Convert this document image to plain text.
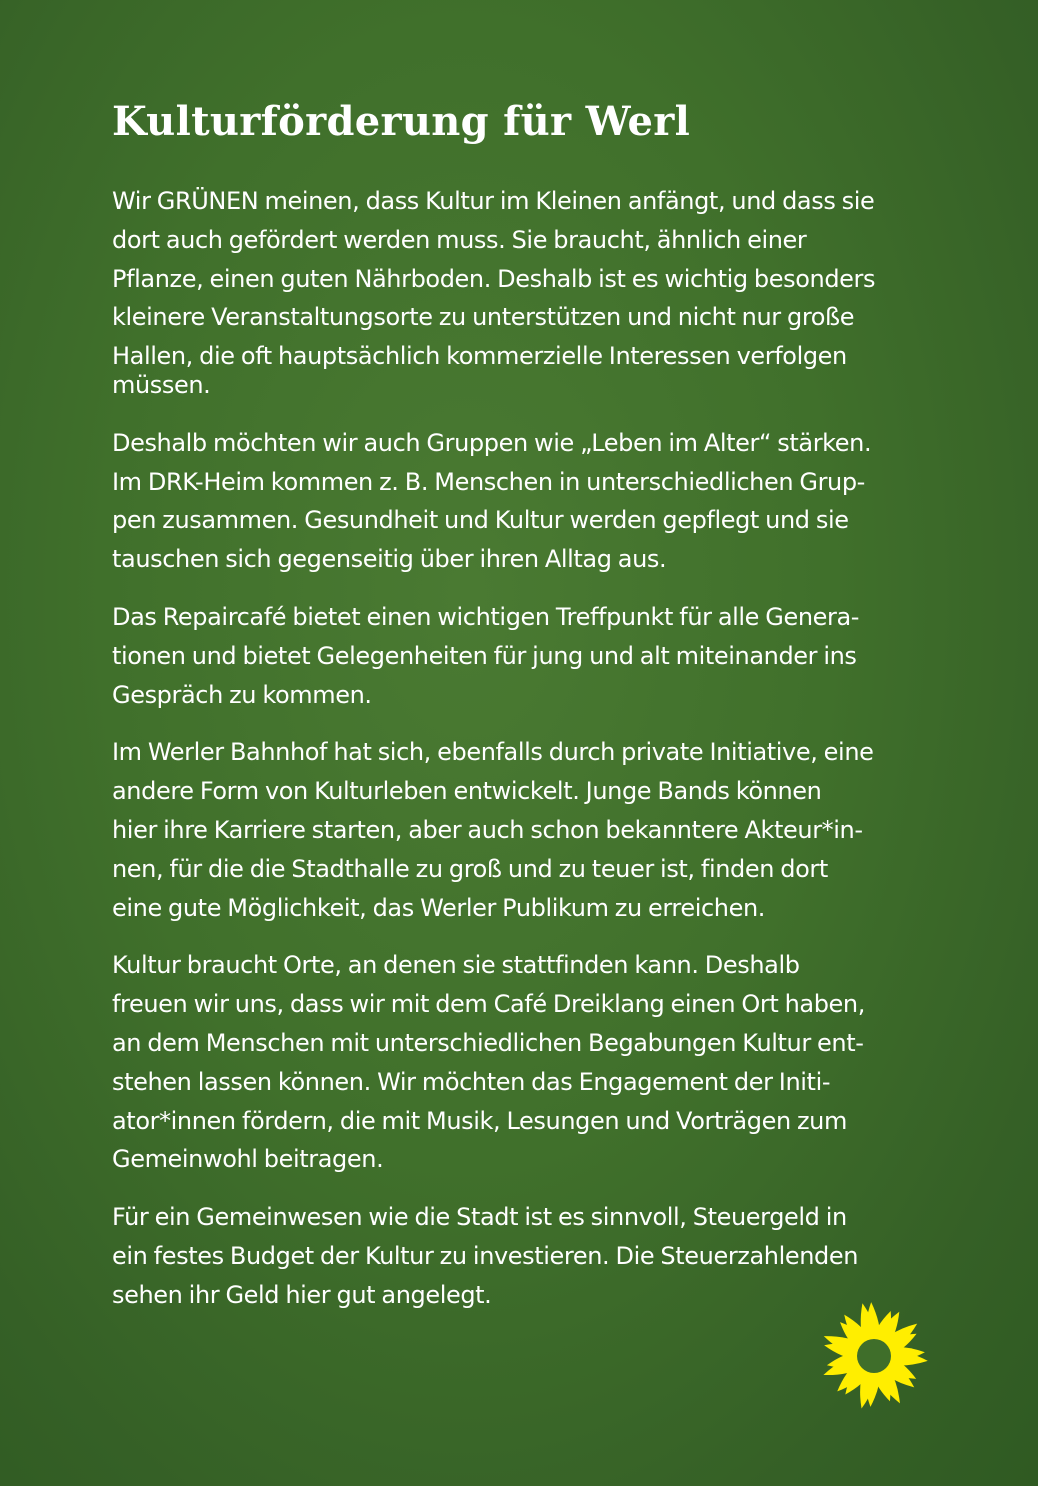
Kulturförderung für Werl

Wir GRÜNEN meinen, dass Kultur im Kleinen anfängt, und dass sie
dort auch gefördert werden muss. Sie braucht, ähnlich einer
Pflanze, einen guten Nährboden. Deshalb ist es wichtig besonders
kleinere Veranstaltungsorte zu unterstützen und nicht nur große
Hallen, die oft hauptsächlich kommerzielle Interessen verfolgen
müssen.

Deshalb möchten wir auch Gruppen wie „Leben im Alter“ stärken.
Im DRK-Heim kommen z. B. Menschen in unterschiedlichen Grup-
pen zusammen. Gesundheit und Kultur werden gepflegt und sie
tauschen sich gegenseitig über ihren Alltag aus.

Das Repaircafé bietet einen wichtigen Treffpunkt für alle Genera-
tionen und bietet Gelegenheiten für jung und alt miteinander ins
Gespräch zu kommen.

Im Werler Bahnhof hat sich, ebenfalls durch private Initiative, eine
andere Form von Kulturleben entwickelt. Junge Bands können
hier ihre Karriere starten, aber auch schon bekanntere Akteur*in-
nen, für die die Stadthalle zu groß und zu teuer ist, finden dort
eine gute Möglichkeit, das Werler Publikum zu erreichen.

Kultur braucht Orte, an denen sie stattfinden kann. Deshalb
freuen wir uns, dass wir mit dem Café Dreiklang einen Ort haben,
an dem Menschen mit unterschiedlichen Begabungen Kultur ent-
stehen lassen können. Wir möchten das Engagement der Initi-
ator*innen fördern, die mit Musik, Lesungen und Vorträgen zum
Gemeinwohl beitragen.

Für ein Gemeinwesen wie die Stadt ist es sinnvoll, Steuergeld in
ein festes Budget der Kultur zu investieren. Die Steuerzahlenden
sehen ihr Geld hier gut angelegt.
